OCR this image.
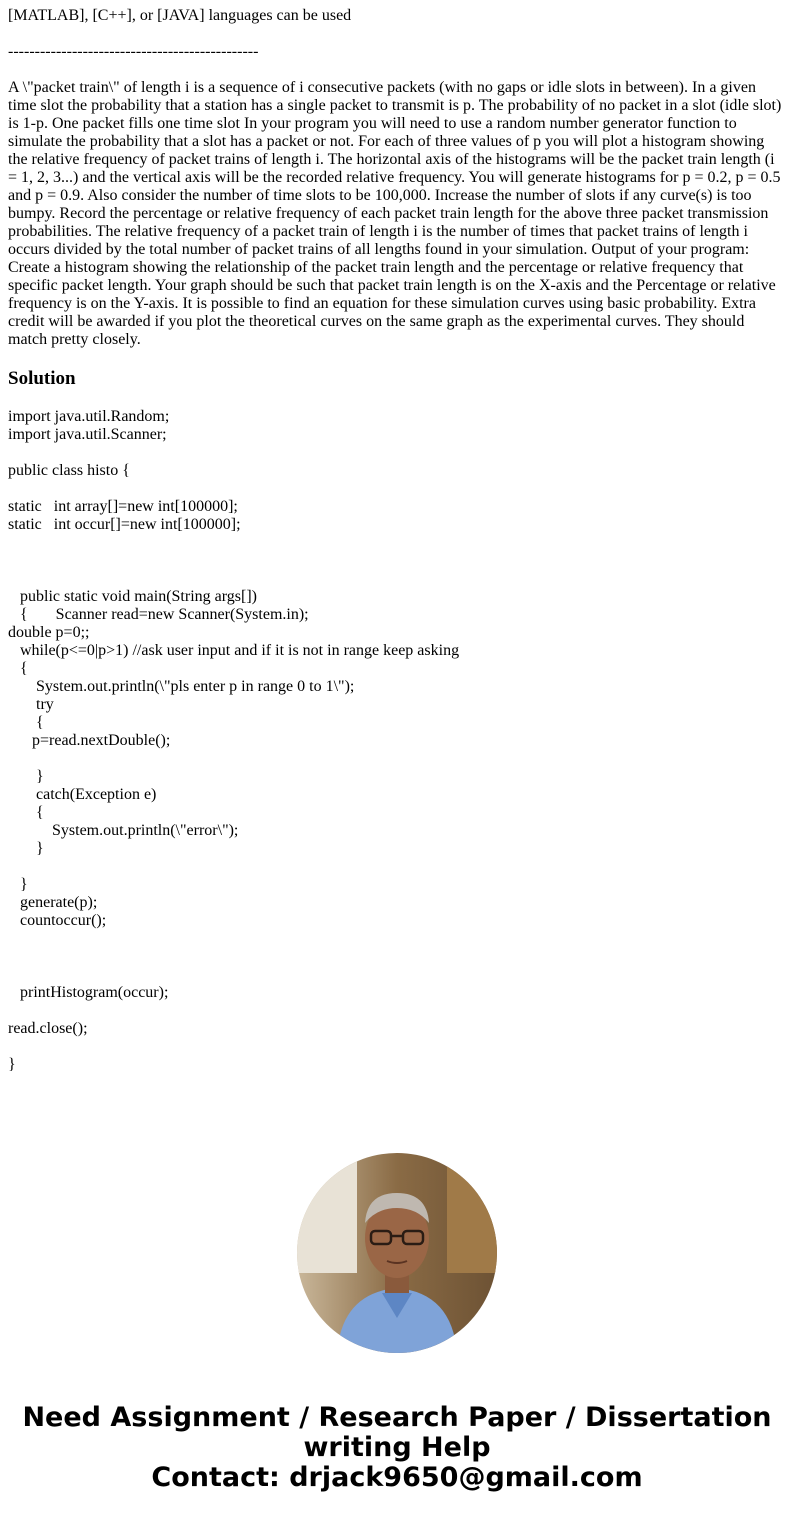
[MATLAB], [C++], or [JAVA] languages can be used
-----------------------------------------------
A \"packet train\" of length i is a sequence of i consecutive packets (with no gaps or idle slots in between). In a given time slot the probability that a station has a single packet to transmit is p. The probability of no packet in a slot (idle slot) is 1-p. One packet fills one time slot In your program you will need to use a random number generator function to simulate the probability that a slot has a packet or not. For each of three values of p you will plot a histogram showing the relative frequency of packet trains of length i. The horizontal axis of the histograms will be the packet train length (i = 1, 2, 3...) and the vertical axis will be the recorded relative frequency. You will generate histograms for p = 0.2, p = 0.5 and p = 0.9. Also consider the number of time slots to be 100,000. Increase the number of slots if any curve(s) is too bumpy. Record the percentage or relative frequency of each packet train length for the above three packet transmission probabilities. The relative frequency of a packet train of length i is the number of times that packet trains of length i occurs divided by the total number of packet trains of all lengths found in your simulation. Output of your program: Create a histogram showing the relationship of the packet train length and the percentage or relative frequency that specific packet length. Your graph should be such that packet train length is on the X-axis and the Percentage or relative frequency is on the Y-axis. It is possible to find an equation for these simulation curves using basic probability. Extra credit will be awarded if you plot the theoretical curves on the same graph as the experimental curves. They should match pretty closely.
Solution
import java.util.Random;
import java.util.Scanner;
public class histo {
static   int array[]=new int[100000];
static   int occur[]=new int[100000];
public static void main(String args[])
{       Scanner read=new Scanner(System.in);
double p=0;;
while(p<=0|p>1) //ask user input and if it is not in range keep asking
{
System.out.println(\"pls enter p in range 0 to 1\");
try
{
p=read.nextDouble();
}
catch(Exception e)
{
System.out.println(\"error\");
}
}
generate(p);
countoccur();
printHistogram(occur);
read.close();
}
Need Assignment / Research Paper / Dissertation
writing Help
Contact: drjack9650@gmail.com
